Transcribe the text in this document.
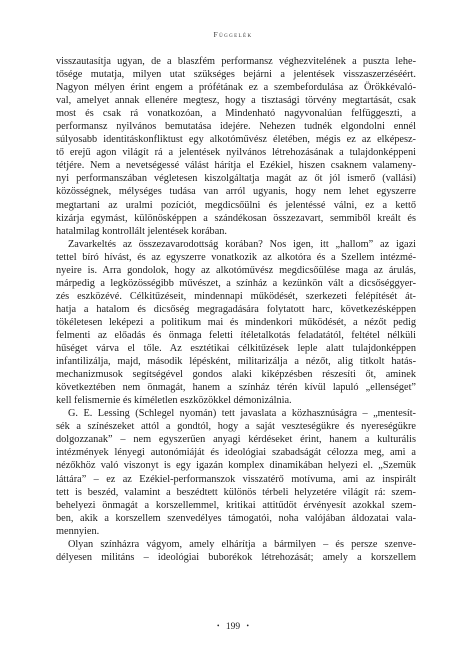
Függelék
visszautasítja ugyan, de a blaszfém performansz véghezvitelének a puszta lehe-
tősége mutatja, milyen utat szükséges bejárni a jelentések visszaszerzéséért.
Nagyon mélyen érint engem a prófétának ez a szembefordulása az Örökkévaló-
val, amelyet annak ellenére megtesz, hogy a tisztasági törvény megtartását, csak
most és csak rá vonatkozóan, a Mindenható nagyvonalúan felfüggeszti, a
performansz nyilvános bemutatása idejére. Nehezen tudnék elgondolni ennél
súlyosabb identitáskonfliktust egy alkotóművész életében, mégis ez az elképesz-
tő erejű agon világít rá a jelentések nyilvános létrehozásának a tulajdonképpeni
tétjére. Nem a nevetségessé válást hárítja el Ezékiel, hiszen csaknem valameny-
nyi performanszában végletesen kiszolgáltatja magát az őt jól ismerő (vallási)
közösségnek, mélységes tudása van arról ugyanis, hogy nem lehet egyszerre
megtartani az uralmi pozíciót, megdicsőülni és jelentéssé válni, ez a kettő
kizárja egymást, különösképpen a szándékosan összezavart, semmiből kreált és
hatalmilag kontrollált jelentések korában.
Zavarkeltés az összezavarodottság korában? Nos igen, itt „hallom” az igazi
tettel bíró hívást, és az egyszerre vonatkozik az alkotóra és a Szellem intézmé-
nyeire is. Arra gondolok, hogy az alkotóművész megdicsőülése maga az árulás,
márpedig a legközösségibb művészet, a színház a kezünkön vált a dicsőséggyer-
zés eszközévé. Célkitűzéseit, mindennapi működését, szerkezeti felépítését át-
hatja a hatalom és dicsőség megragadására folytatott harc, következésképpen
tökéletesen leképezi a politikum mai és mindenkori működését, a nézőt pedig
felmenti az előadás és önmaga feletti ítéletalkotás feladatától, feltétel nélküli
hűséget várva el tőle. Az esztétikai célkitűzések leple alatt tulajdonképpen
infantilizálja, majd, második lépésként, militarizálja a nézőt, alig titkolt hatás-
mechanizmusok segítségével gondos alaki kiképzésben részesíti őt, aminek
következtében nem önmagát, hanem a színház térén kívül lapuló „ellenséget”
kell felismernie és kíméletlen eszközökkel démonizálnia.
G. E. Lessing (Schlegel nyomán) tett javaslata a közhasznúságra – „mentesít-
sék a színészeket attól a gondtól, hogy a saját veszteségükre és nyereségükre
dolgozzanak” – nem egyszerűen anyagi kérdéseket érint, hanem a kulturális
intézmények lényegi autonómiáját és ideológiai szabadságát célozza meg, ami a
nézőkhöz való viszonyt is egy igazán komplex dinamikában helyezi el. „Szemük
láttára” – ez az Ezékiel-performanszok visszatérő motívuma, ami az inspirált
tett is beszéd, valamint a beszédtett különös térbeli helyzetére világít rá: szem-
behelyezi önmagát a korszellemmel, kritikai attitűdöt érvényesít azokkal szem-
ben, akik a korszellem szenvedélyes támogatói, noha valójában áldozatai vala-
mennyien.
Olyan színházra vágyom, amely elhárítja a bármilyen – és persze szenve-
délyesen militáns – ideológiai buborékok létrehozását; amely a korszellem
• 199 •
